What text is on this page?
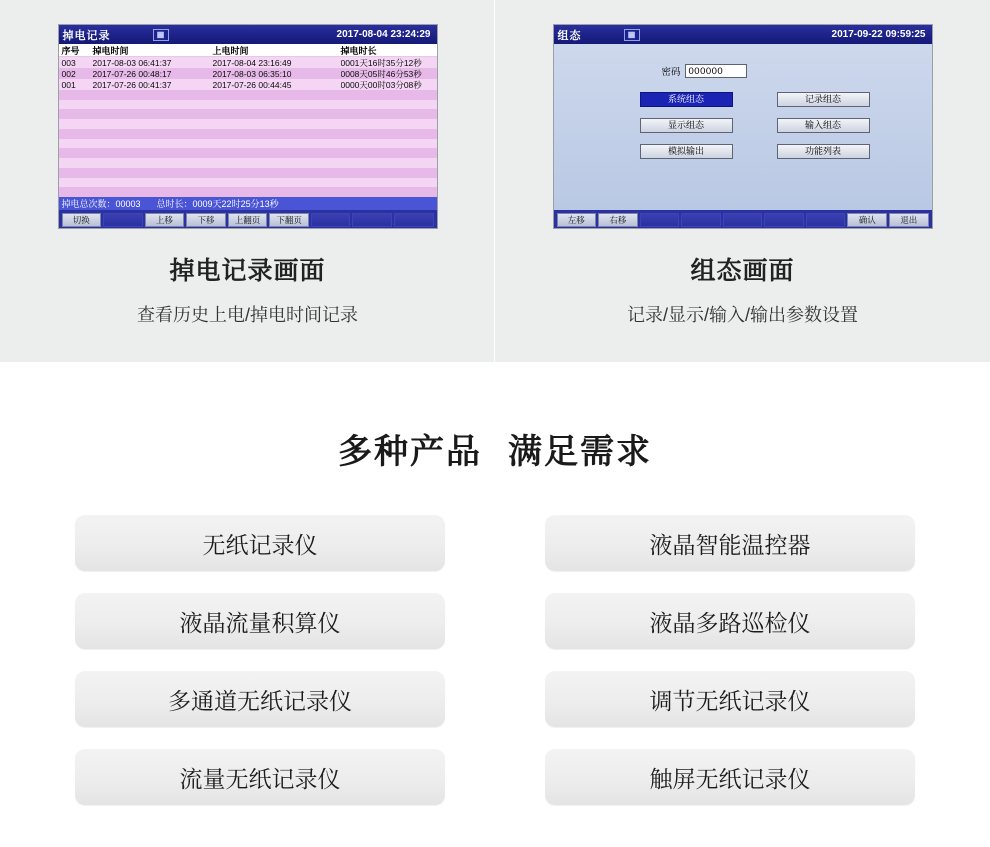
掉电记录	▦	2017-08-04 23:24:29
序号	掉电时间	上电时间	掉电时长
003	2017-08-03 06:41:37	2017-08-04 23:16:49	0001天16时35分12秒
002	2017-07-26 00:48:17	2017-08-03 06:35:10	0008天05时46分53秒
001	2017-07-26 00:41:37	2017-07-26 00:44:45	0000天00时03分08秒
掉电总次数：00003 总时长：0009天22时25分13秒
切换	上移	下移	上翻页	下翻页
掉电记录画面
查看历史上电/掉电时间记录
组态	▦	2017-09-22 09:59:25
密码 000000
系统组态	记录组态
显示组态	输入组态
模拟输出	功能列表
左移	右移	确认	退出
组态画面
记录/显示/输入/输出参数设置
多种产品 满足需求
无纸记录仪	液晶智能温控器
液晶流量积算仪	液晶多路巡检仪
多通道无纸记录仪	调节无纸记录仪
流量无纸记录仪	触屏无纸记录仪
